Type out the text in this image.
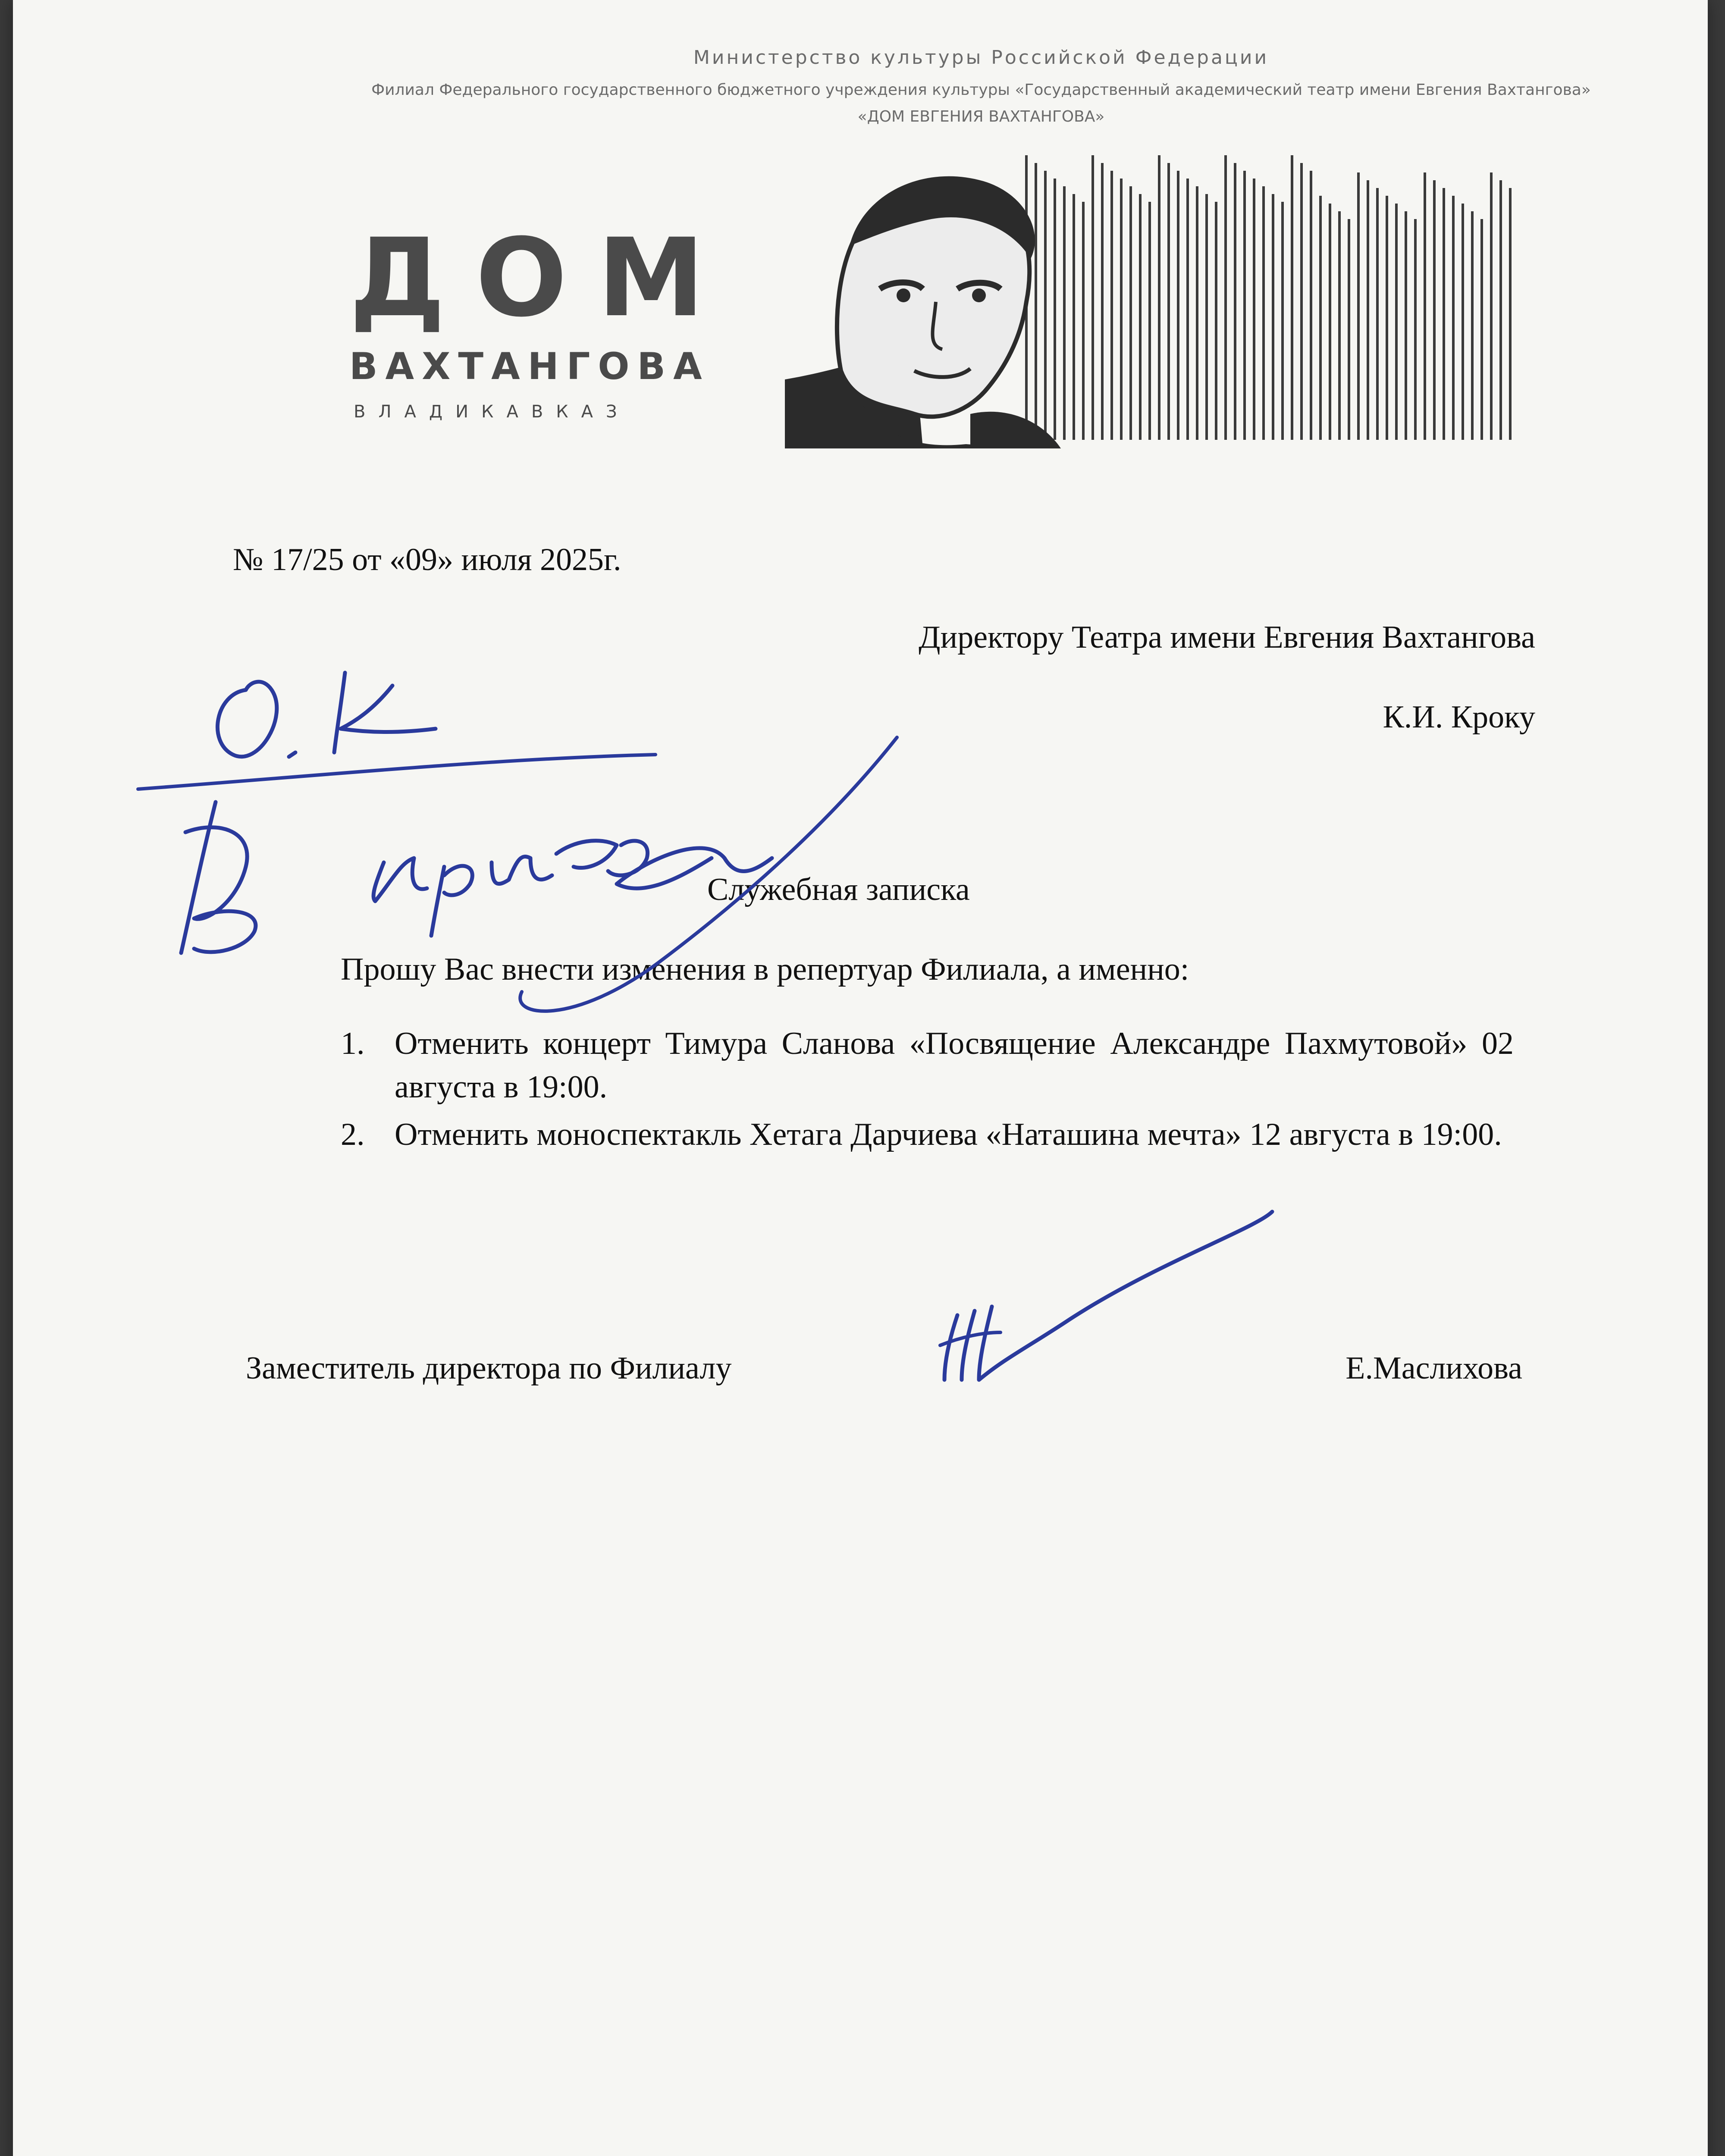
Министерство культуры Российской Федерации
Филиал Федерального государственного бюджетного учреждения культуры «Государственный академический театр имени Евгения Вахтангова»
«ДОМ ЕВГЕНИЯ ВАХТАНГОВА»
ДОМ
ВАХТАНГОВА
ВЛАДИКАВКАЗ
№ 17/25 от «09» июля 2025г.
Директору Театра имени Евгения Вахтангова
К.И. Кроку
Служебная записка
Прошу Вас внести изменения в репертуар Филиала, а именно:
1. Отменить концерт Тимура Сланова «Посвящение Александре Пахмутовой» 02 августа в 19:00.
2. Отменить моноспектакль Хетага Дарчиева «Наташина мечта» 12 августа в 19:00.
Заместитель директора по Филиалу	Е.Маслихова
